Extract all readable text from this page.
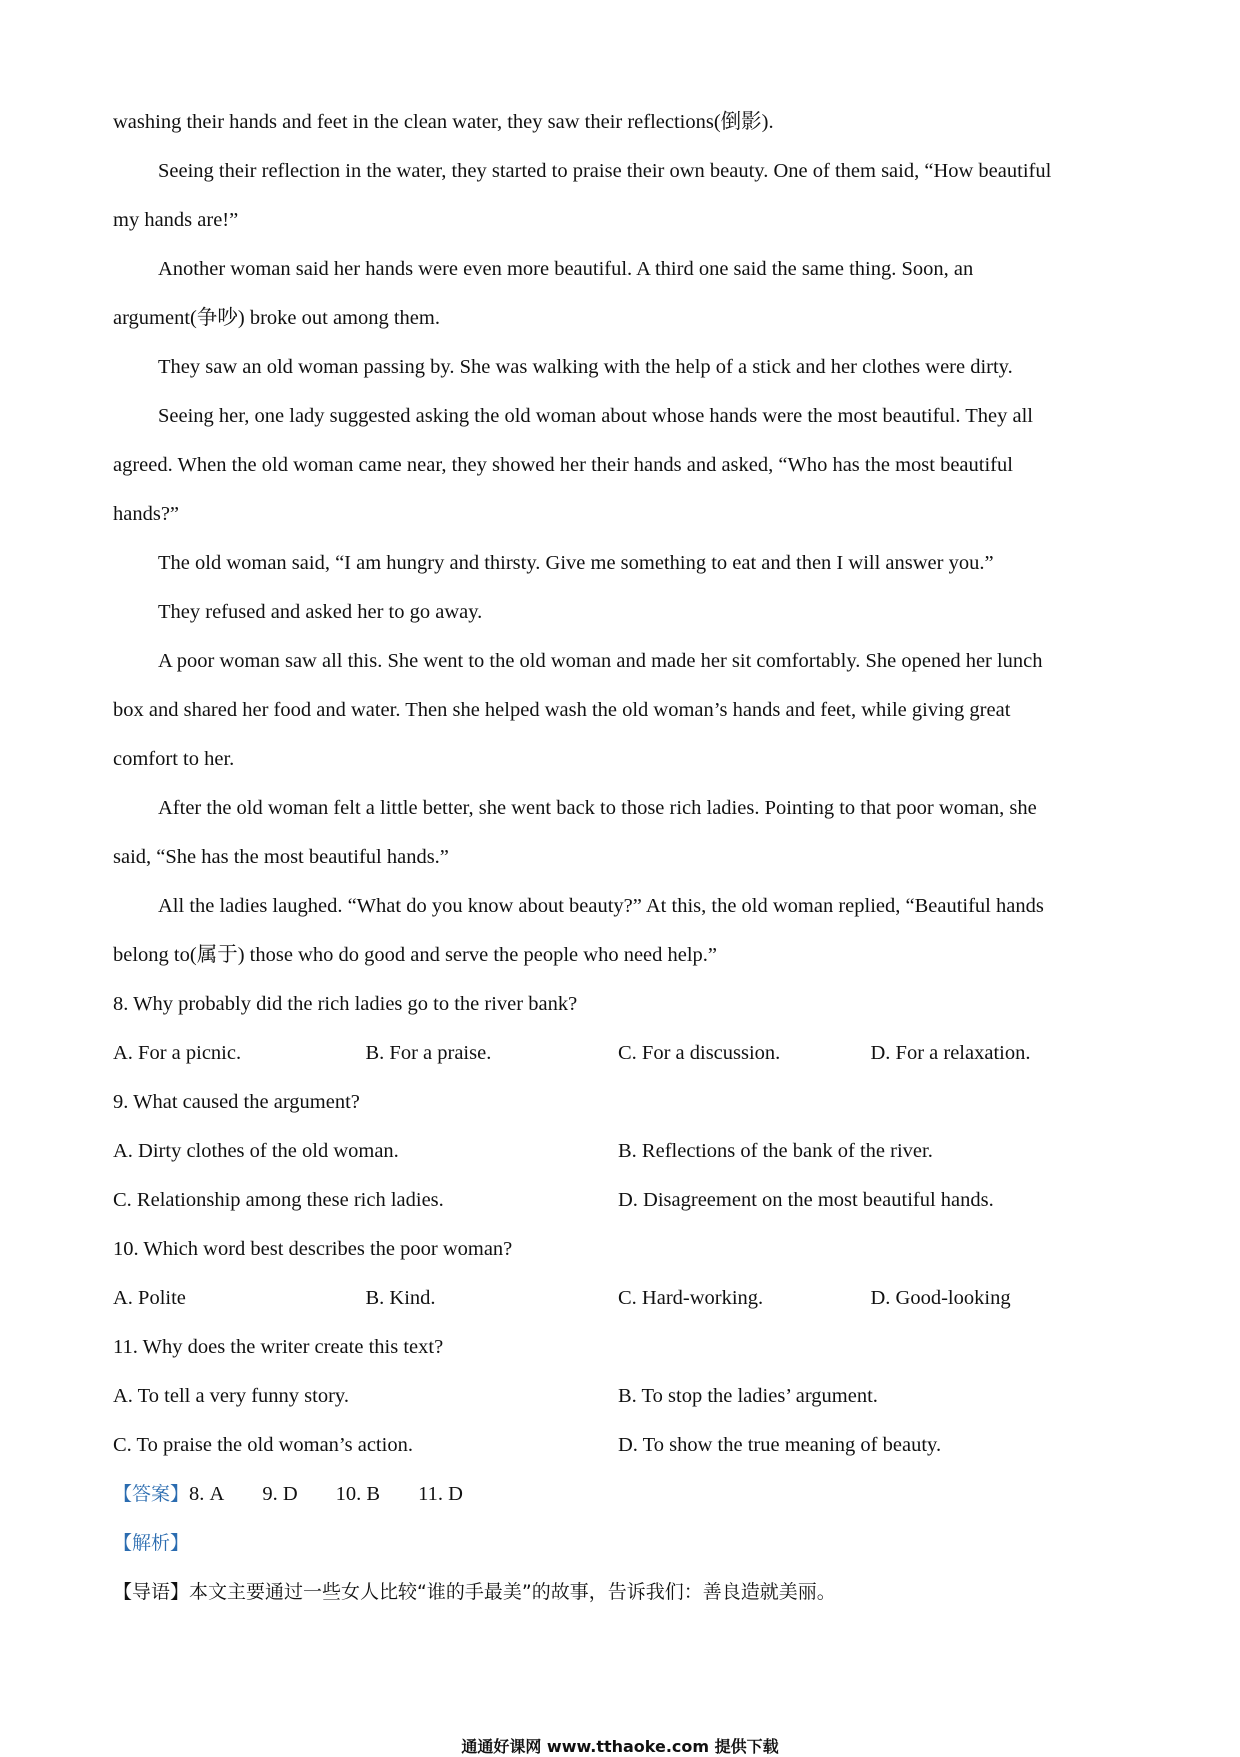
washing their hands and feet in the clean water, they saw their reflections(倒影).
Seeing their reflection in the water, they started to praise their own beauty. One of them said, “How beautiful
my hands are!”
Another woman said her hands were even more beautiful. A third one said the same thing. Soon, an
argument(争吵) broke out among them.
They saw an old woman passing by. She was walking with the help of a stick and her clothes were dirty.
Seeing her, one lady suggested asking the old woman about whose hands were the most beautiful. They all
agreed. When the old woman came near, they showed her their hands and asked, “Who has the most beautiful
hands?”
The old woman said, “I am hungry and thirsty. Give me something to eat and then I will answer you.”
They refused and asked her to go away.
A poor woman saw all this. She went to the old woman and made her sit comfortably. She opened her lunch
box and shared her food and water. Then she helped wash the old woman’s hands and feet, while giving great
comfort to her.
After the old woman felt a little better, she went back to those rich ladies. Pointing to that poor woman, she
said, “She has the most beautiful hands.”
All the ladies laughed. “What do you know about beauty?” At this, the old woman replied, “Beautiful hands
belong to(属于) those who do good and serve the people who need help.”
8. Why probably did the rich ladies go to the river bank?
A. For a picnic.	B. For a praise.	C. For a discussion.	D. For a relaxation.
9. What caused the argument?
A. Dirty clothes of the old woman.	B. Reflections of the bank of the river.
C. Relationship among these rich ladies.	D. Disagreement on the most beautiful hands.
10. Which word best describes the poor woman?
A. Polite	B. Kind.	C. Hard-working.	D. Good-looking
11. Why does the writer create this text?
A. To tell a very funny story.	B. To stop the ladies’ argument.
C. To praise the old woman’s action.	D. To show the true meaning of beauty.
【答案】8. A 9. D 10. B 11. D
【解析】
【导语】本文主要通过一些女人比较“谁的手最美”的故事，告诉我们：善良造就美丽。
通通好课网 www.tthaoke.com 提供下载
